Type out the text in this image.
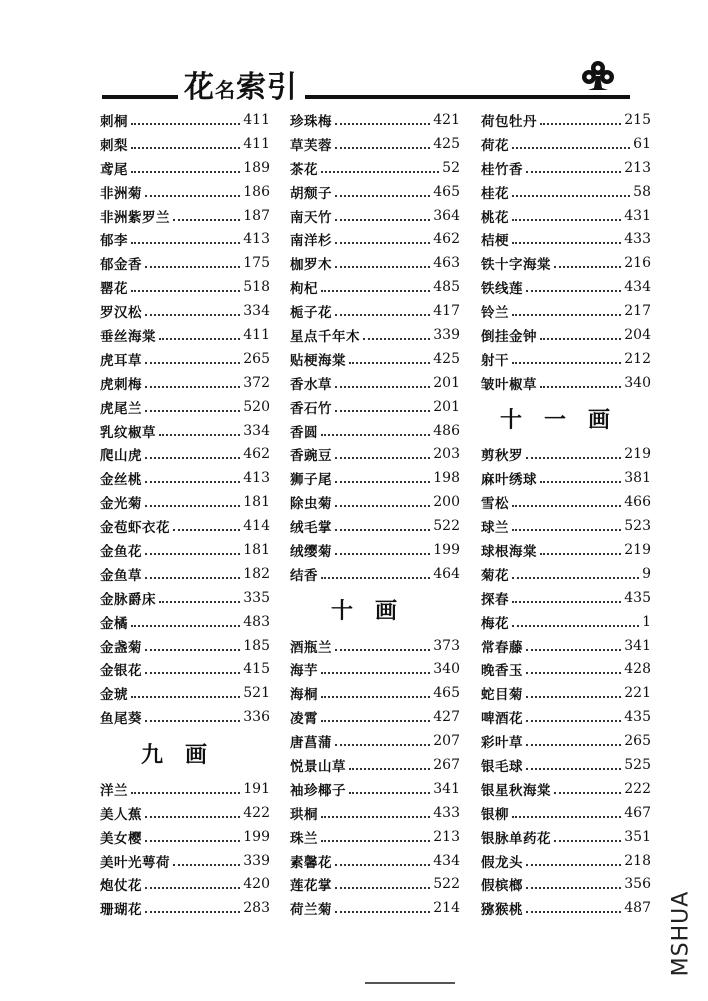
花名索引
刺桐	411
刺梨	411
鸢尾	189
非洲菊	186
非洲紫罗兰	187
郁李	413
郁金香	175
罂花	518
罗汉松	334
垂丝海棠	411
虎耳草	265
虎刺梅	372
虎尾兰	520
乳纹椒草	334
爬山虎	462
金丝桃	413
金光菊	181
金苞虾衣花	414
金鱼花	181
金鱼草	182
金脉爵床	335
金橘	483
金盏菊	185
金银花	415
金琥	521
鱼尾葵	336
九画
洋兰	191
美人蕉	422
美女樱	199
美叶光萼荷	339
炮仗花	420
珊瑚花	283
珍珠梅	421
草芙蓉	425
茶花	52
胡颓子	465
南天竹	364
南洋杉	462
枷罗木	463
枸杞	485
栀子花	417
星点千年木	339
贴梗海棠	425
香水草	201
香石竹	201
香圆	486
香豌豆	203
狮子尾	198
除虫菊	200
绒毛掌	522
绒缨菊	199
结香	464
十画
酒瓶兰	373
海芋	340
海桐	465
凌霄	427
唐菖蒲	207
悦景山草	267
袖珍椰子	341
珙桐	433
珠兰	213
素馨花	434
莲花掌	522
荷兰菊	214
荷包牡丹	215
荷花	61
桂竹香	213
桂花	58
桃花	431
桔梗	433
铁十字海棠	216
铁线莲	434
铃兰	217
倒挂金钟	204
射干	212
皱叶椒草	340
十一画
剪秋罗	219
麻叶绣球	381
雪松	466
球兰	523
球根海棠	219
菊花	9
探春	435
梅花	1
常春藤	341
晚香玉	428
蛇目菊	221
啤酒花	435
彩叶草	265
银毛球	525
银星秋海棠	222
银柳	467
银脉单药花	351
假龙头	218
假槟榔	356
猕猴桃	487 MSHUA
